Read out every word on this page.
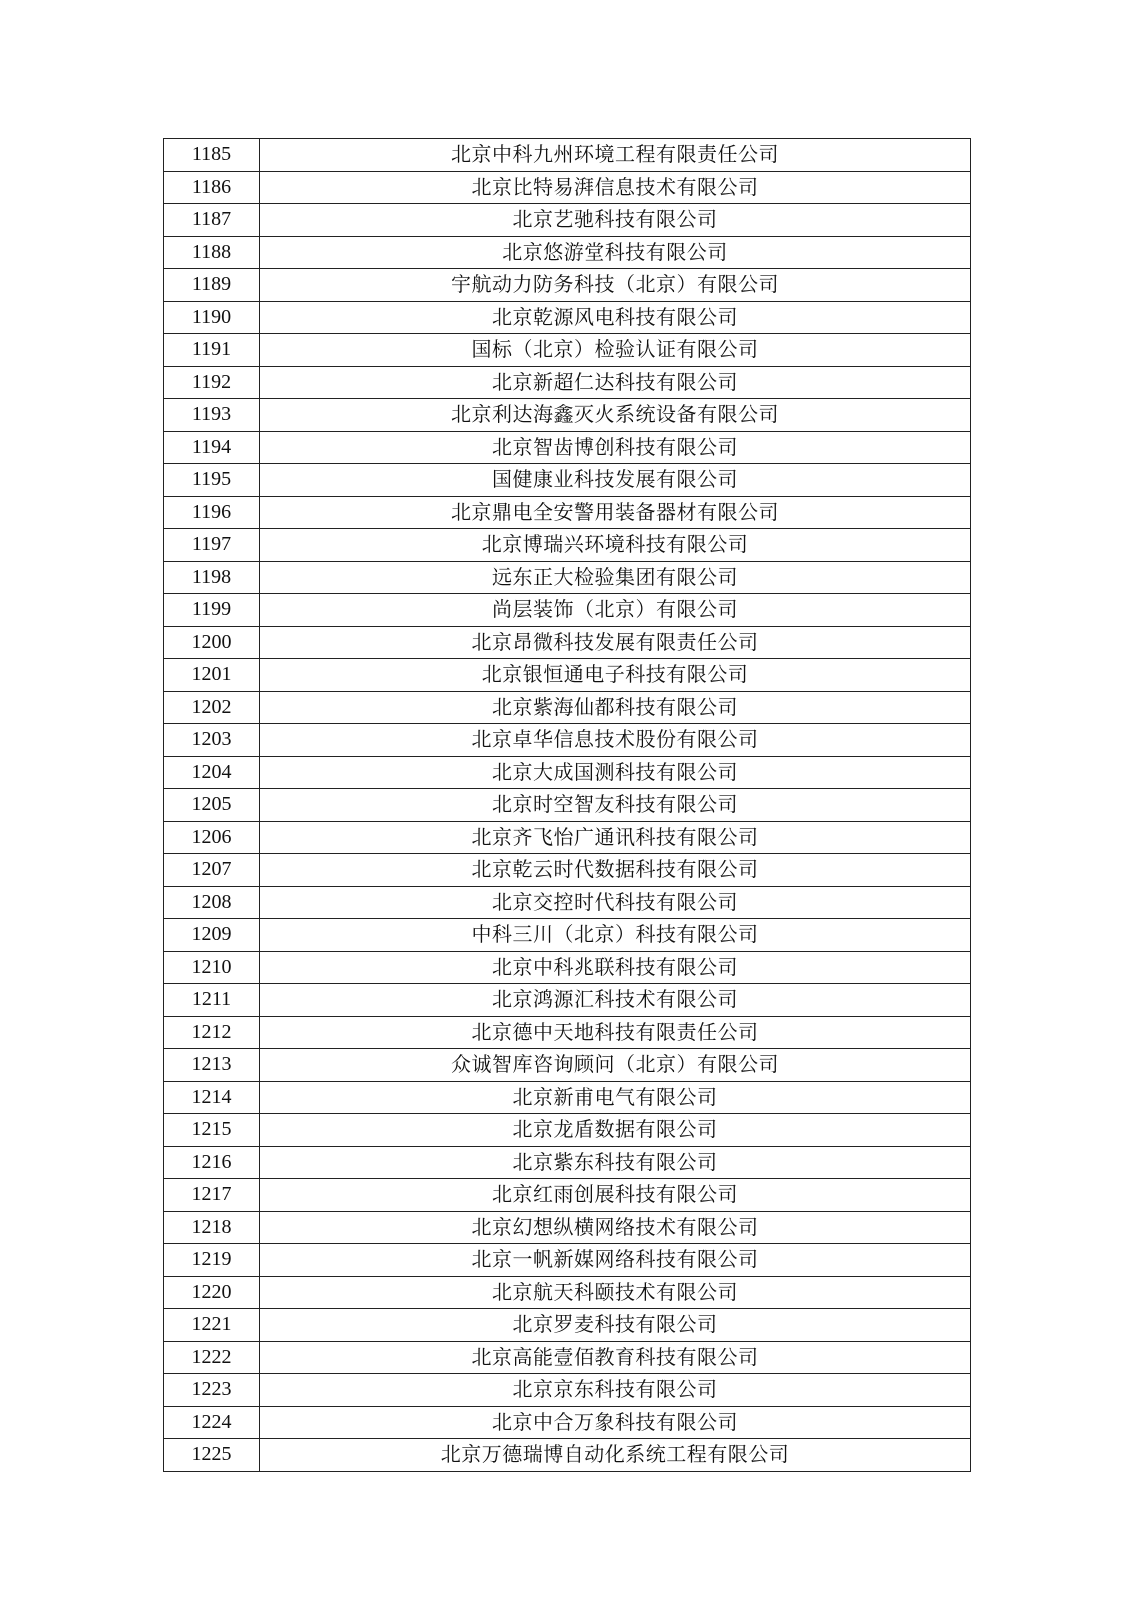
1185	北京中科九州环境工程有限责任公司
1186	北京比特易湃信息技术有限公司
1187	北京艺驰科技有限公司
1188	北京悠游堂科技有限公司
1189	宇航动力防务科技（北京）有限公司
1190	北京乾源风电科技有限公司
1191	国标（北京）检验认证有限公司
1192	北京新超仁达科技有限公司
1193	北京利达海鑫灭火系统设备有限公司
1194	北京智齿博创科技有限公司
1195	国健康业科技发展有限公司
1196	北京鼎电全安警用装备器材有限公司
1197	北京博瑞兴环境科技有限公司
1198	远东正大检验集团有限公司
1199	尚层装饰（北京）有限公司
1200	北京昂微科技发展有限责任公司
1201	北京银恒通电子科技有限公司
1202	北京紫海仙都科技有限公司
1203	北京卓华信息技术股份有限公司
1204	北京大成国测科技有限公司
1205	北京时空智友科技有限公司
1206	北京齐飞怡广通讯科技有限公司
1207	北京乾云时代数据科技有限公司
1208	北京交控时代科技有限公司
1209	中科三川（北京）科技有限公司
1210	北京中科兆联科技有限公司
1211	北京鸿源汇科技术有限公司
1212	北京德中天地科技有限责任公司
1213	众诚智库咨询顾问（北京）有限公司
1214	北京新甫电气有限公司
1215	北京龙盾数据有限公司
1216	北京紫东科技有限公司
1217	北京红雨创展科技有限公司
1218	北京幻想纵横网络技术有限公司
1219	北京一帆新媒网络科技有限公司
1220	北京航天科颐技术有限公司
1221	北京罗麦科技有限公司
1222	北京高能壹佰教育科技有限公司
1223	北京京东科技有限公司
1224	北京中合万象科技有限公司
1225	北京万德瑞博自动化系统工程有限公司
